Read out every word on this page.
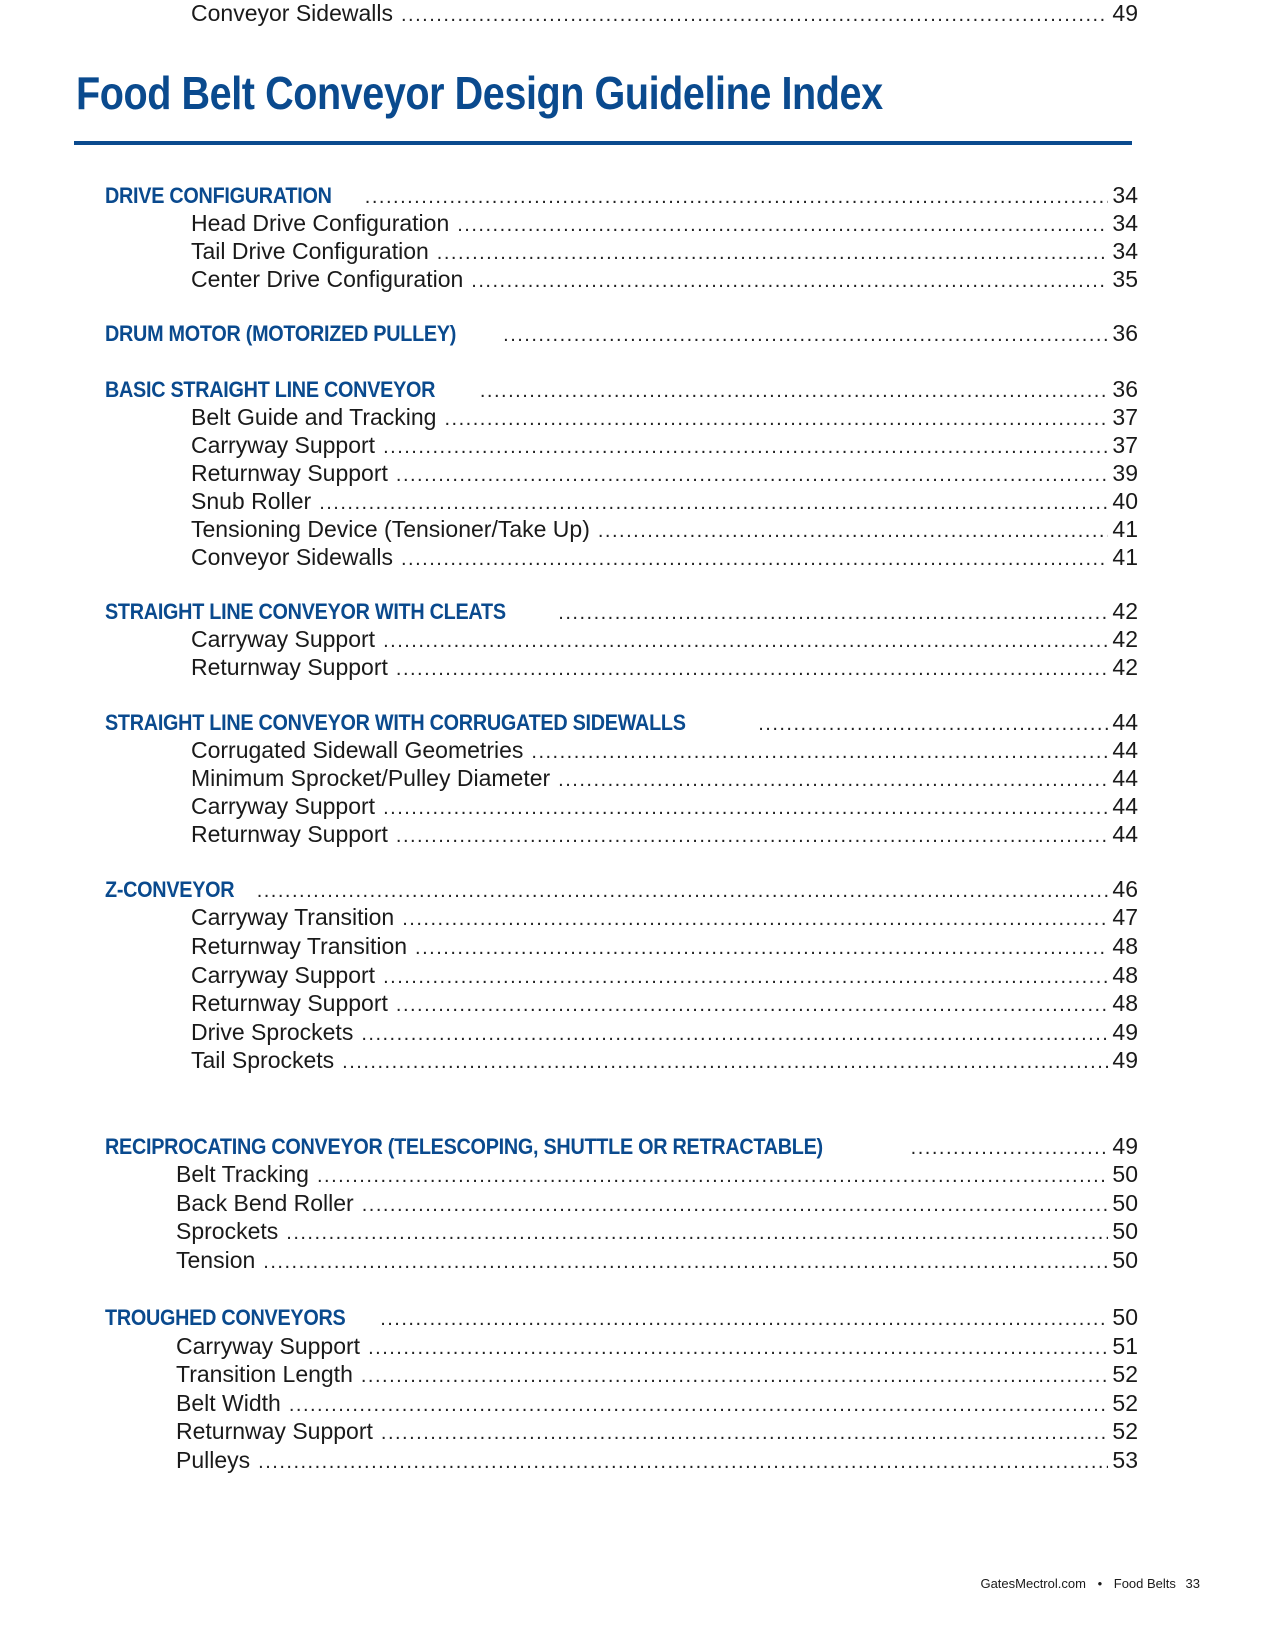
Food Belt Conveyor Design Guideline Index
DRIVE CONFIGURATION .....	34
Head Drive Configuration .....	34
Tail Drive Configuration .....	34
Center Drive Configuration .....	35
DRUM MOTOR (MOTORIZED PULLEY) .....	36
BASIC STRAIGHT LINE CONVEYOR .....	36
Belt Guide and Tracking .....	37
Carryway Support .....	37
Returnway Support .....	39
Snub Roller .....	40
Tensioning Device (Tensioner/Take Up) .....	41
Conveyor Sidewalls .....	41
STRAIGHT LINE CONVEYOR WITH CLEATS .....	42
Carryway Support .....	42
Returnway Support .....	42
STRAIGHT LINE CONVEYOR WITH CORRUGATED SIDEWALLS .....	44
Corrugated Sidewall Geometries .....	44
Minimum Sprocket/Pulley Diameter .....	44
Carryway Support .....	44
Returnway Support .....	44
Z-CONVEYOR .....	46
Carryway Transition .....	47
Returnway Transition .....	48
Carryway Support .....	48
Returnway Support .....	48
Drive Sprockets .....	49
Tail Sprockets .....	49
Conveyor Sidewalls .....	49
RECIPROCATING CONVEYOR (TELESCOPING, SHUTTLE OR RETRACTABLE) .....	49
Belt Tracking .....	50
Back Bend Roller .....	50
Sprockets .....	50
Tension .....	50
TROUGHED CONVEYORS .....	50
Carryway Support .....	51
Transition Length .....	52
Belt Width .....	52
Returnway Support .....	52
Pulleys .....	53
GatesMectrol.com • Food Belts 33
